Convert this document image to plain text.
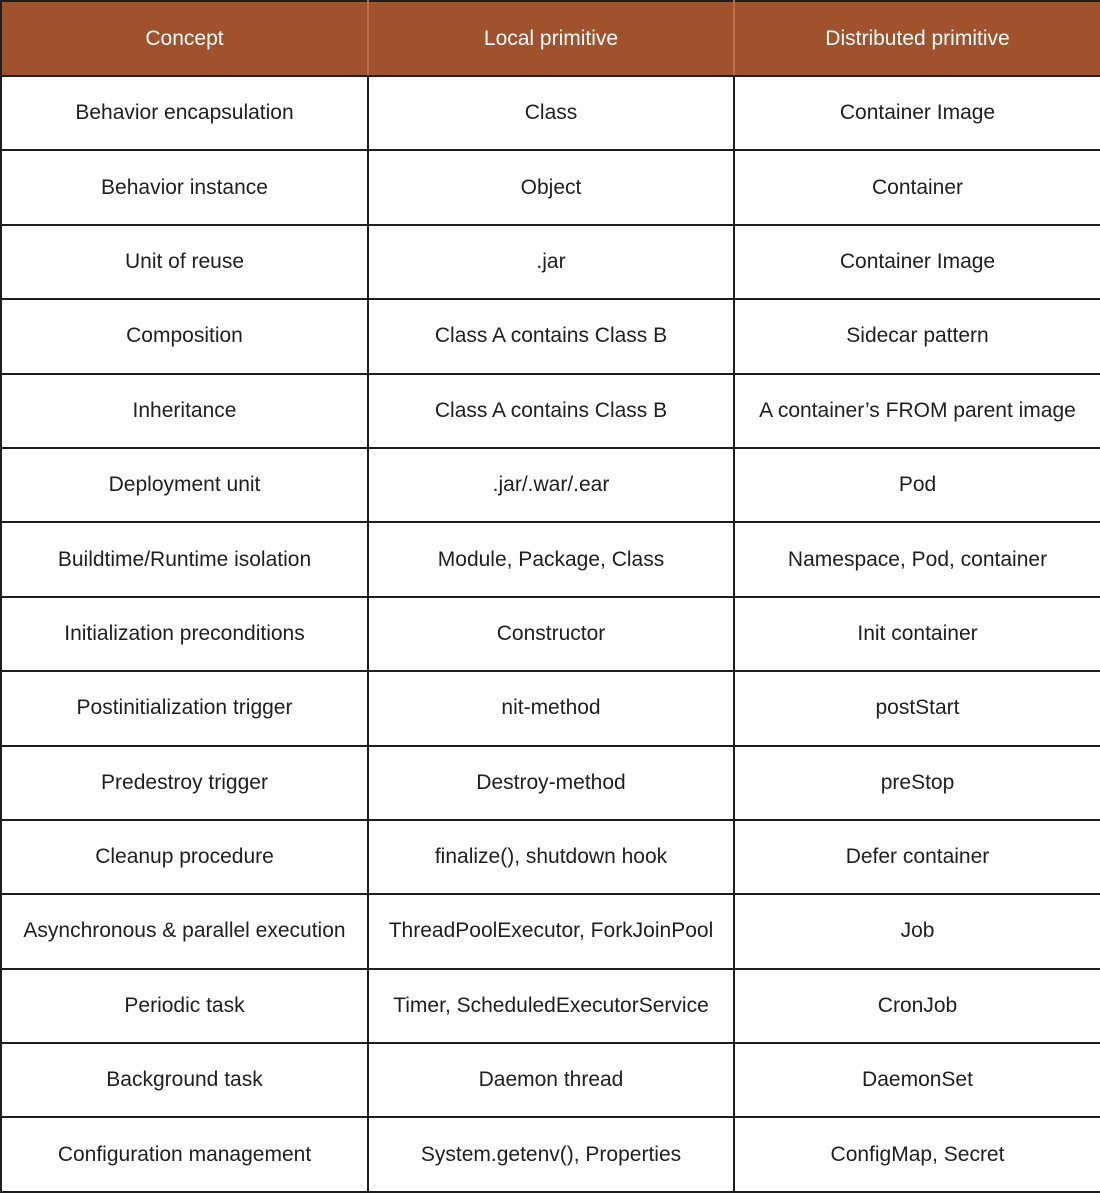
Concept	Local primitive	Distributed primitive
Behavior encapsulation	Class	Container Image
Behavior instance	Object	Container
Unit of reuse	.jar	Container Image
Composition	Class A contains Class B	Sidecar pattern
Inheritance	Class A contains Class B	A container’s FROM parent image
Deployment unit	.jar/.war/.ear	Pod
Buildtime/Runtime isolation	Module, Package, Class	Namespace, Pod, container
Initialization preconditions	Constructor	Init container
Postinitialization trigger	nit-method	postStart
Predestroy trigger	Destroy-method	preStop
Cleanup procedure	finalize(), shutdown hook	Defer container
Asynchronous & parallel execution	ThreadPoolExecutor, ForkJoinPool	Job
Periodic task	Timer, ScheduledExecutorService	CronJob
Background task	Daemon thread	DaemonSet
Configuration management	System.getenv(), Properties	ConfigMap, Secret
